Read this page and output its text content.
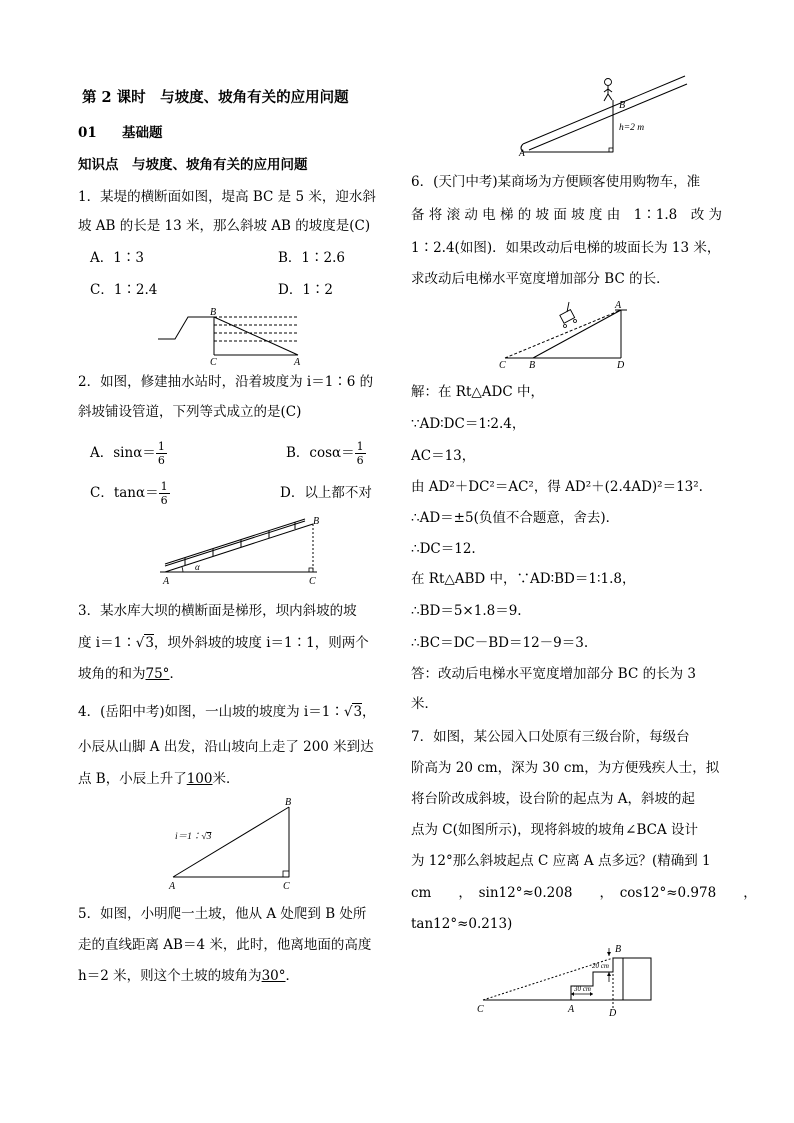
第 2 课时　与坡度、坡角有关的应用问题
01 基础题
知识点　与坡度、坡角有关的应用问题
1．某堤的横断面如图，堤高 BC 是 5 米，迎水斜
坡 AB 的长是 13 米，那么斜坡 AB 的坡度是(C)
A．1∶3	B．1∶2.6
C．1∶2.4	D．1∶2
B
C	A
2．如图，修建抽水站时，沿着坡度为 i＝1∶6 的
斜坡铺设管道，下列等式成立的是(C)
A．$\sin\alpha= \frac{1}{6}$	B．$\cos\alpha= \frac{1}{6}$
C．$\tan\alpha= \frac{1}{6}$	D．以上都不对
B
A
α
C
3．某水库大坝的横断面是梯形，坝内斜坡的坡
度 i＝1∶√3，坝外斜坡的坡度 i＝1∶1，则两个
坡角的和为75°．
4．(岳阳中考)如图，一山坡的坡度为 i＝1∶√3，
小辰从山脚 A 出发，沿山坡向上走了 200 米到达
点 B，小辰上升了100米．
i＝1∶√3
B
A	C
5．如图，小明爬一土坡，他从 A 处爬到 B 处所
走的直线距离 AB＝4 米，此时，他离地面的高度
h＝2 米，则这个土坡的坡角为30°．
B
h=2 m
A
6．(天门中考)某商场为方便顾客使用购物车，准
备 将 滚 动 电 梯 的 坡 面 坡 度 由　1∶1.8　改 为
1∶2.4(如图)．如果改动后电梯的坡面长为 13 米，
求改动后电梯水平宽度增加部分 BC 的长．
A
C B	D
解：在 Rt△ADC 中，
∵AD∶DC＝1∶2.4，
AC＝13，
由 AD²＋DC²＝AC²，得 AD²＋(2.4AD)²＝13².
∴AD＝±5(负值不合题意，舍去)．
∴DC＝12.
在 Rt△ABD 中，∵AD∶BD＝1∶1.8，
∴BD＝5×1.8＝9.
∴BC＝DC－BD＝12－9＝3.
答：改动后电梯水平宽度增加部分 BC 的长为 3
米．
7．如图，某公园入口处原有三级台阶，每级台
阶高为 20 cm，深为 30 cm，为方便残疾人士，拟
将台阶改成斜坡，设台阶的起点为 A，斜坡的起
点为 C(如图所示)，现将斜坡的坡角∠BCA 设计
为 12°那么斜坡起点 C 应离 A 点多远？(精确到 1
cm　　，　sin12°≈0.208　　，　cos12°≈0.978　　，
tan12°≈0.213)
B
20 cm
30 cm
C	A	D
